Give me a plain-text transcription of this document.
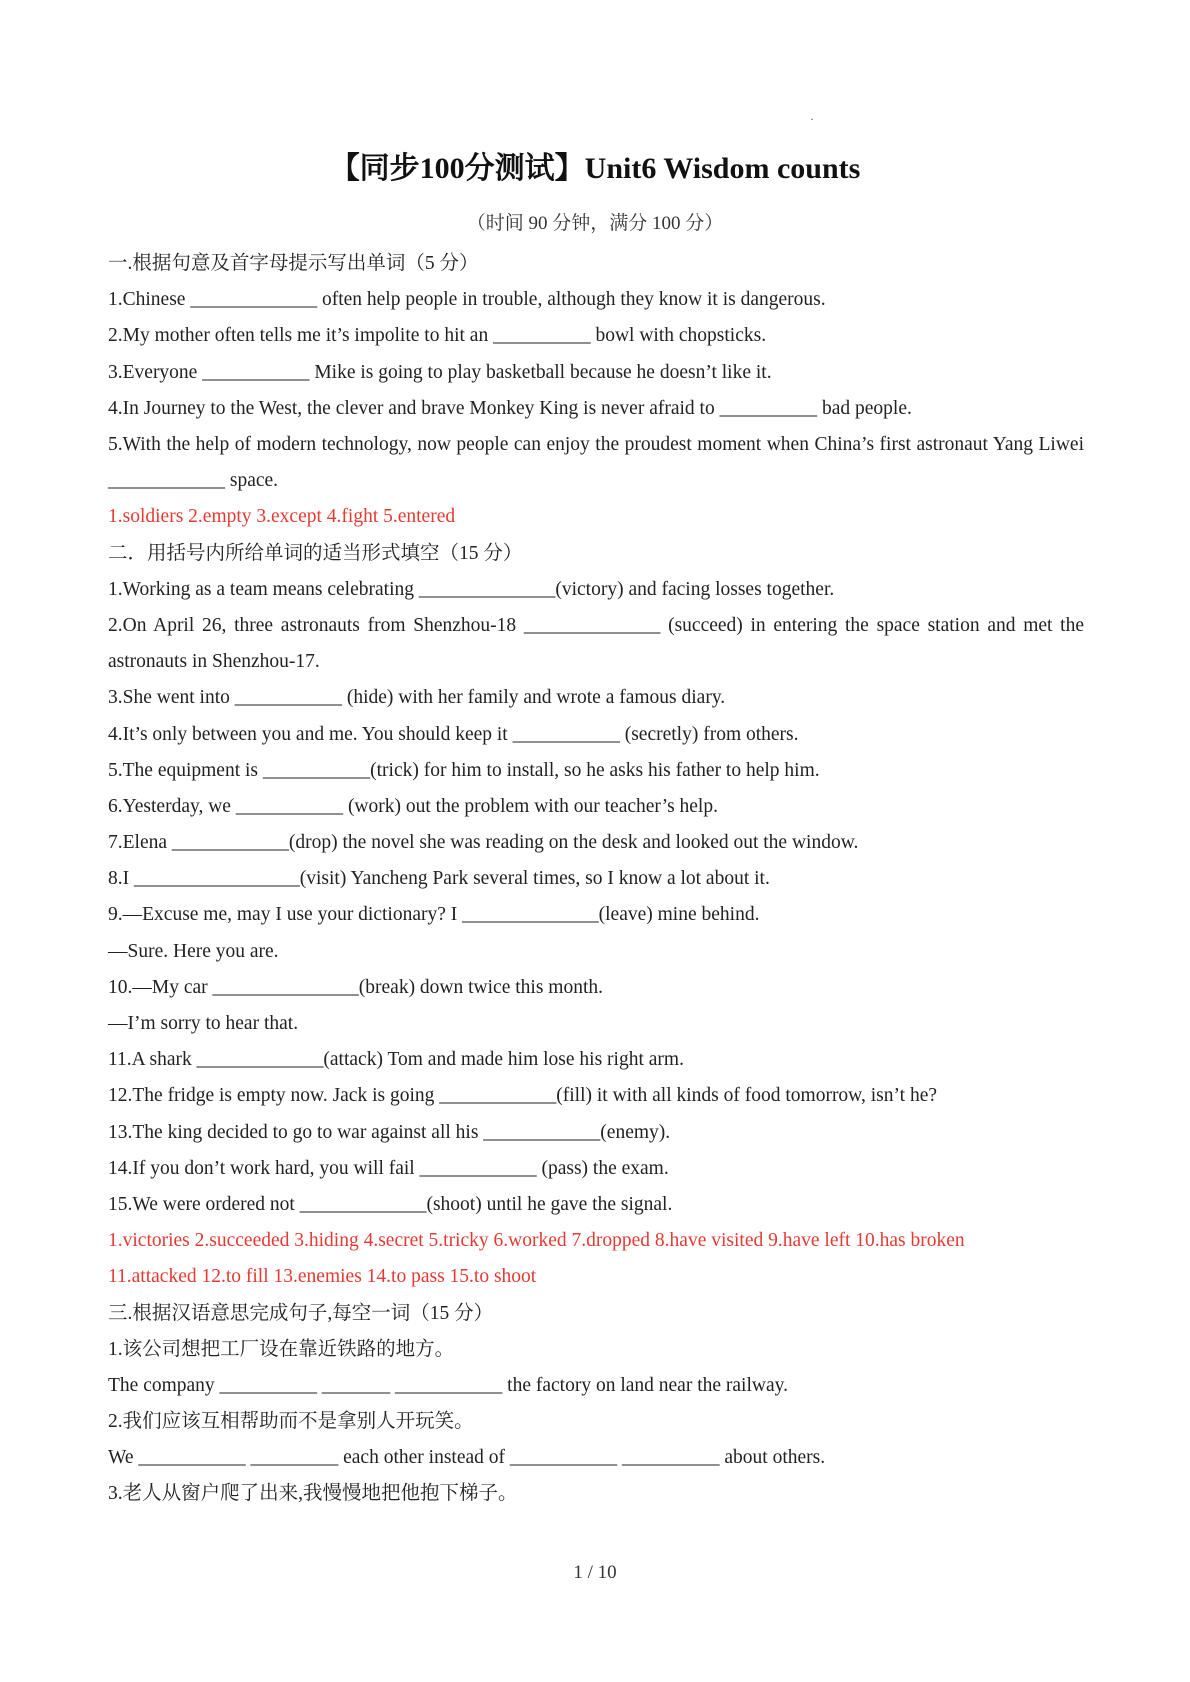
·
【同步100分测试】Unit6 Wisdom counts
（时间 90 分钟，满分 100 分）
一.根据句意及首字母提示写出单词（5 分）
1.Chinese _____________ often help people in trouble, although they know it is dangerous.
2.My mother often tells me it’s impolite to hit an __________ bowl with chopsticks.
3.Everyone ___________ Mike is going to play basketball because he doesn’t like it.
4.In Journey to the West, the clever and brave Monkey King is never afraid to __________ bad people.
5.With the help of modern technology, now people can enjoy the proudest moment when China’s first astronaut Yang Liwei ____________ space.
1.soldiers 2.empty 3.except 4.fight 5.entered
二．用括号内所给单词的适当形式填空（15 分）
1.Working as a team means celebrating ______________(victory) and facing losses together.
2.On April 26, three astronauts from Shenzhou-18 ______________ (succeed) in entering the space station and met the astronauts in Shenzhou-17.
3.She went into ___________ (hide) with her family and wrote a famous diary.
4.It’s only between you and me. You should keep it ___________ (secretly) from others.
5.The equipment is ___________(trick) for him to install, so he asks his father to help him.
6.Yesterday, we ___________ (work) out the problem with our teacher’s help.
7.Elena ____________(drop) the novel she was reading on the desk and looked out the window.
8.I _________________(visit) Yancheng Park several times, so I know a lot about it.
9.—Excuse me, may I use your dictionary? I ______________(leave) mine behind.
—Sure. Here you are.
10.—My car _______________(break) down twice this month.
—I’m sorry to hear that.
11.A shark _____________(attack) Tom and made him lose his right arm.
12.The fridge is empty now. Jack is going ____________(fill) it with all kinds of food tomorrow, isn’t he?
13.The king decided to go to war against all his ____________(enemy).
14.If you don’t work hard, you will fail ____________ (pass) the exam.
15.We were ordered not _____________(shoot) until he gave the signal.
1.victories 2.succeeded 3.hiding 4.secret 5.tricky 6.worked 7.dropped 8.have visited 9.have left 10.has broken
11.attacked 12.to fill 13.enemies 14.to pass 15.to shoot
三.根据汉语意思完成句子,每空一词（15 分）
1.该公司想把工厂设在靠近铁路的地方。
The company __________ _______ ___________ the factory on land near the railway.
2.我们应该互相帮助而不是拿别人开玩笑。
We ___________ _________ each other instead of ___________ __________ about others.
3.老人从窗户爬了出来,我慢慢地把他抱下梯子。
1 / 10
